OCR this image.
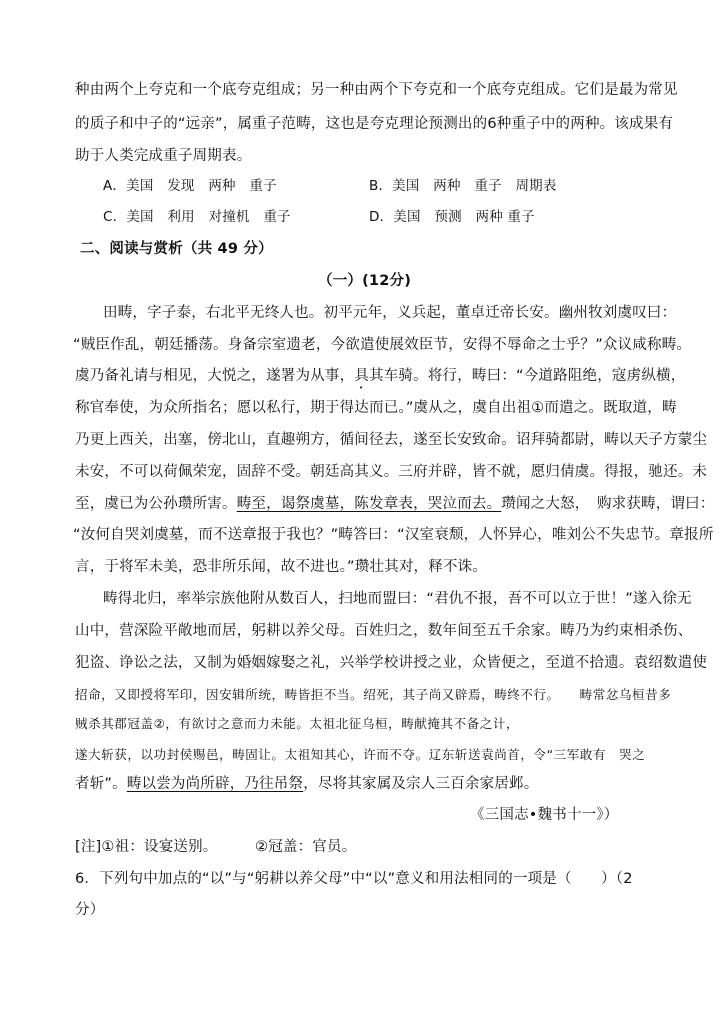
种由两个上夸克和一个底夸克组成；另一种由两个下夸克和一个底夸克组成。它们是最为常见
的质子和中子的“远亲”，属重子范畴，这也是夸克理论预测出的6种重子中的两种。该成果有
助于人类完成重子周期表。
A．美国　发现　两种　重子	B．美国　两种　重子　周期表
C．美国　利用　对撞机　重子	D．美国　预测　两种 重子
二、阅读与赏析（共 49 分）
（一）(12分)
田畴，字子泰，右北平无终人也。初平元年，义兵起，董卓迁帝长安。幽州牧刘虞叹曰：
“贼臣作乱，朝廷播荡。身备宗室遗老，今欲遣使展效臣节，安得不辱命之士乎？”众议咸称畴。
虞乃备礼请与相见，大悦之，遂署为从事，具其车骑。将行，畴曰：“今道路阻绝，寇虏纵横，
称官奉使，为众所指名；愿以私行，期于得达而已。”虞从之，虞自出祖①而遣之。既取道，畴
乃更上西关，出塞，傍北山，直趣朔方，循间径去，遂至长安致命。诏拜骑都尉，畴以天子方蒙尘
未安，不可以荷佩荣宠，固辞不受。朝廷高其义。三府并辟，皆不就，愿归倩虞。得报，驰还。未
至，虞已为公孙瓒所害。畴至，谒祭虞墓，陈发章表，哭泣而去。瓒闻之大怒，　购求获畴，谓曰：
“汝何自哭刘虞墓，而不送章报于我也？”畴答曰：“汉室衰颓，人怀异心，唯刘公不失忠节。章报所
言，于将军未美，恐非所乐闻，故不进也。”瓒壮其对，释不诛。
畴得北归，率举宗族他附从数百人，扫地而盟曰：“君仇不报，吾不可以立于世！”遂入徐无
山中，营深险平敞地而居，躬耕以养父母。百姓归之，数年间至五千余家。畴乃为约束相杀伤、
犯盗、诤讼之法，又制为婚姻嫁娶之礼，兴举学校讲授之业，众皆便之，至道不拾遗。袁绍数遣使
招命，又即授将军印，因安辑所统，畴皆拒不当。绍死，其子尚又辟焉，畴终不行。　　畴常忿乌桓昔多
贼杀其郡冠盖②，有欲讨之意而力未能。太祖北征乌桓，畴献掩其不备之计，
遂大斩获，以功封侯赐邑，畴固让。太祖知其心，许而不夺。辽东斩送袁尚首，令“三军敢有　哭之
者斩”。畴以尝为尚所辟，乃往吊祭，尽将其家属及宗人三百余家居邺。
《三国志•魏书十一》）
[注]①祖：设宴送别。	②冠盖：官员。
6．下列句中加点的“以”与“躬耕以养父母”中“以”意义和用法相同的一项是（　　）（2
分）
